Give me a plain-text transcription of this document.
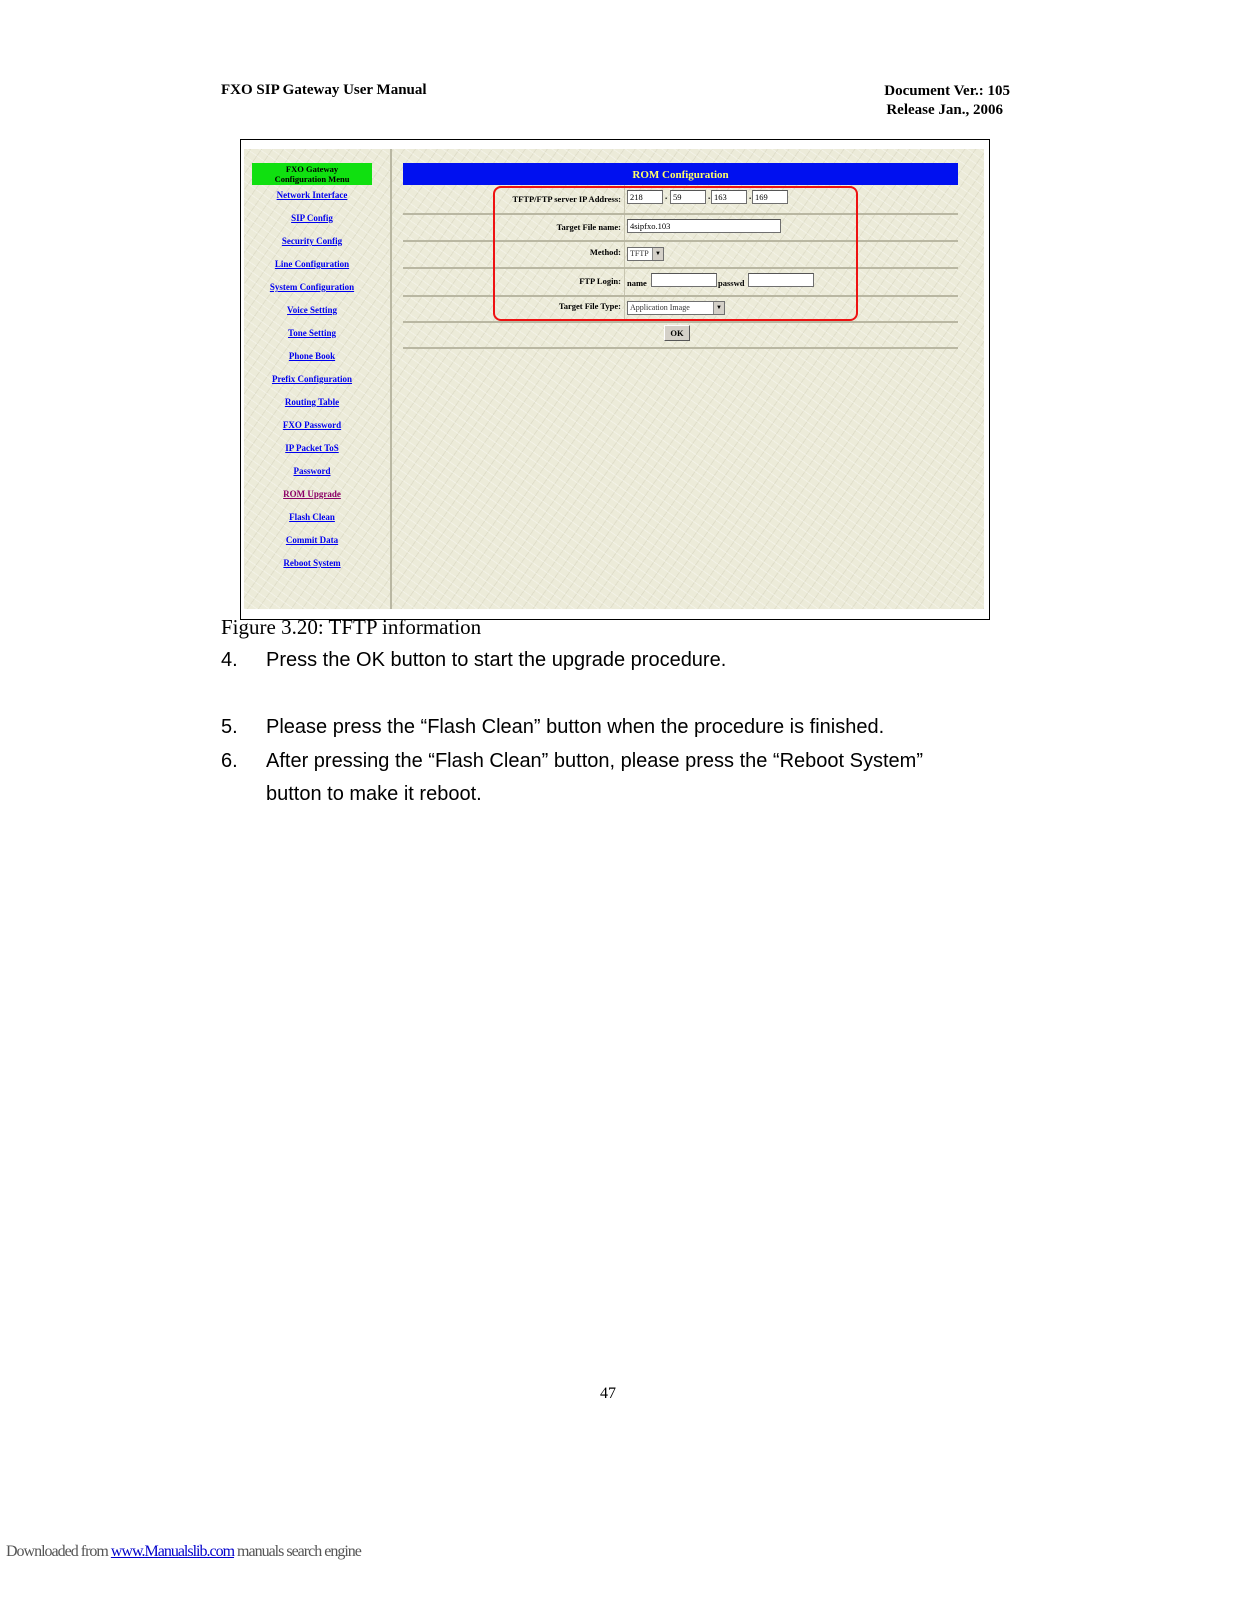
FXO SIP Gateway User Manual	Document Ver.: 105
Release Jan., 2006
FXO Gateway
Configuration Menu
Network Interface
SIP Config
Security Config
Line Configuration
System Configuration
Voice Setting
Tone Setting
Phone Book
Prefix Configuration
Routing Table
FXO Password
IP Packet ToS
Password
ROM Upgrade
Flash Clean
Commit Data
Reboot System
ROM Configuration
TFTP/FTP server IP Address:	218	. 59	. 163	. 169
Target File name:	4sipfxo.103
Method:	TFTP	▼
FTP Login: name	passwd
Target File Type:	Application Image	▼
OK
Figure 3.20: TFTP information
4. Press the OK button to start the upgrade procedure.
5. Please press the “Flash Clean” button when the procedure is finished.
6. After pressing the “Flash Clean” button, please press the “Reboot System”
button to make it reboot.
47
Downloaded from www.Manualslib.com manuals search engine
